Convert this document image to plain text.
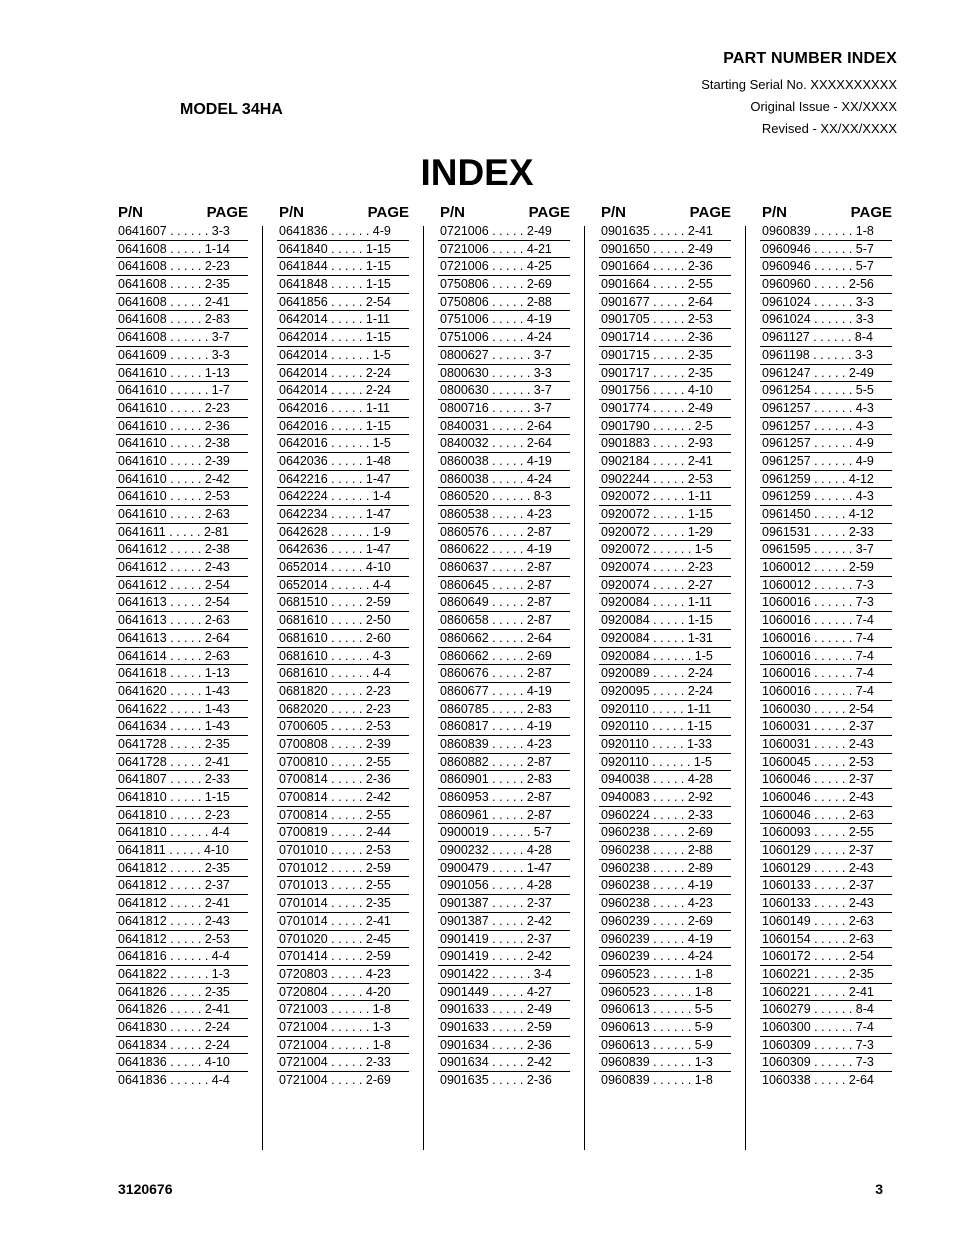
PART NUMBER INDEX
Starting Serial No. XXXXXXXXXX
Original Issue - XX/XXXX
Revised - XX/XX/XXXX
MODEL 34HA
INDEX
P/N	PAGE
0641607 . . . . . . 3-3
0641608 . . . . . 1-14
0641608 . . . . . 2-23
0641608 . . . . . 2-35
0641608 . . . . . 2-41
0641608 . . . . . 2-83
0641608 . . . . . . 3-7
0641609 . . . . . . 3-3
0641610 . . . . . 1-13
0641610 . . . . . . 1-7
0641610 . . . . . 2-23
0641610 . . . . . 2-36
0641610 . . . . . 2-38
0641610 . . . . . 2-39
0641610 . . . . . 2-42
0641610 . . . . . 2-53
0641610 . . . . . 2-63
0641611 . . . . . 2-81
0641612 . . . . . 2-38
0641612 . . . . . 2-43
0641612 . . . . . 2-54
0641613 . . . . . 2-54
0641613 . . . . . 2-63
0641613 . . . . . 2-64
0641614 . . . . . 2-63
0641618 . . . . . 1-13
0641620 . . . . . 1-43
0641622 . . . . . 1-43
0641634 . . . . . 1-43
0641728 . . . . . 2-35
0641728 . . . . . 2-41
0641807 . . . . . 2-33
0641810 . . . . . 1-15
0641810 . . . . . 2-23
0641810 . . . . . . 4-4
0641811 . . . . . 4-10
0641812 . . . . . 2-35
0641812 . . . . . 2-37
0641812 . . . . . 2-41
0641812 . . . . . 2-43
0641812 . . . . . 2-53
0641816 . . . . . . 4-4
0641822 . . . . . . 1-3
0641826 . . . . . 2-35
0641826 . . . . . 2-41
0641830 . . . . . 2-24
0641834 . . . . . 2-24
0641836 . . . . . 4-10
0641836 . . . . . . 4-4
P/N	PAGE
0641836 . . . . . . 4-9
0641840 . . . . . 1-15
0641844 . . . . . 1-15
0641848 . . . . . 1-15
0641856 . . . . . 2-54
0642014 . . . . . 1-11
0642014 . . . . . 1-15
0642014 . . . . . . 1-5
0642014 . . . . . 2-24
0642014 . . . . . 2-24
0642016 . . . . . 1-11
0642016 . . . . . 1-15
0642016 . . . . . . 1-5
0642036 . . . . . 1-48
0642216 . . . . . 1-47
0642224 . . . . . . 1-4
0642234 . . . . . 1-47
0642628 . . . . . . 1-9
0642636 . . . . . 1-47
0652014 . . . . . 4-10
0652014 . . . . . . 4-4
0681510 . . . . . 2-59
0681610 . . . . . 2-50
0681610 . . . . . 2-60
0681610 . . . . . . 4-3
0681610 . . . . . . 4-4
0681820 . . . . . 2-23
0682020 . . . . . 2-23
0700605 . . . . . 2-53
0700808 . . . . . 2-39
0700810 . . . . . 2-55
0700814 . . . . . 2-36
0700814 . . . . . 2-42
0700814 . . . . . 2-55
0700819 . . . . . 2-44
0701010 . . . . . 2-53
0701012 . . . . . 2-59
0701013 . . . . . 2-55
0701014 . . . . . 2-35
0701014 . . . . . 2-41
0701020 . . . . . 2-45
0701414 . . . . . 2-59
0720803 . . . . . 4-23
0720804 . . . . . 4-20
0721003 . . . . . . 1-8
0721004 . . . . . . 1-3
0721004 . . . . . . 1-8
0721004 . . . . . 2-33
0721004 . . . . . 2-69
P/N	PAGE
0721006 . . . . . 2-49
0721006 . . . . . 4-21
0721006 . . . . . 4-25
0750806 . . . . . 2-69
0750806 . . . . . 2-88
0751006 . . . . . 4-19
0751006 . . . . . 4-24
0800627 . . . . . . 3-7
0800630 . . . . . . 3-3
0800630 . . . . . . 3-7
0800716 . . . . . . 3-7
0840031 . . . . . 2-64
0840032 . . . . . 2-64
0860038 . . . . . 4-19
0860038 . . . . . 4-24
0860520 . . . . . . 8-3
0860538 . . . . . 4-23
0860576 . . . . . 2-87
0860622 . . . . . 4-19
0860637 . . . . . 2-87
0860645 . . . . . 2-87
0860649 . . . . . 2-87
0860658 . . . . . 2-87
0860662 . . . . . 2-64
0860662 . . . . . 2-69
0860676 . . . . . 2-87
0860677 . . . . . 4-19
0860785 . . . . . 2-83
0860817 . . . . . 4-19
0860839 . . . . . 4-23
0860882 . . . . . 2-87
0860901 . . . . . 2-83
0860953 . . . . . 2-87
0860961 . . . . . 2-87
0900019 . . . . . . 5-7
0900232 . . . . . 4-28
0900479 . . . . . 1-47
0901056 . . . . . 4-28
0901387 . . . . . 2-37
0901387 . . . . . 2-42
0901419 . . . . . 2-37
0901419 . . . . . 2-42
0901422 . . . . . . 3-4
0901449 . . . . . 4-27
0901633 . . . . . 2-49
0901633 . . . . . 2-59
0901634 . . . . . 2-36
0901634 . . . . . 2-42
0901635 . . . . . 2-36
P/N	PAGE
0901635 . . . . . 2-41
0901650 . . . . . 2-49
0901664 . . . . . 2-36
0901664 . . . . . 2-55
0901677 . . . . . 2-64
0901705 . . . . . 2-53
0901714 . . . . . 2-36
0901715 . . . . . 2-35
0901717 . . . . . 2-35
0901756 . . . . . 4-10
0901774 . . . . . 2-49
0901790 . . . . . . 2-5
0901883 . . . . . 2-93
0902184 . . . . . 2-41
0902244 . . . . . 2-53
0920072 . . . . . 1-11
0920072 . . . . . 1-15
0920072 . . . . . 1-29
0920072 . . . . . . 1-5
0920074 . . . . . 2-23
0920074 . . . . . 2-27
0920084 . . . . . 1-11
0920084 . . . . . 1-15
0920084 . . . . . 1-31
0920084 . . . . . . 1-5
0920089 . . . . . 2-24
0920095 . . . . . 2-24
0920110 . . . . . 1-11
0920110 . . . . . 1-15
0920110 . . . . . 1-33
0920110 . . . . . . 1-5
0940038 . . . . . 4-28
0940083 . . . . . 2-92
0960224 . . . . . 2-33
0960238 . . . . . 2-69
0960238 . . . . . 2-88
0960238 . . . . . 2-89
0960238 . . . . . 4-19
0960238 . . . . . 4-23
0960239 . . . . . 2-69
0960239 . . . . . 4-19
0960239 . . . . . 4-24
0960523 . . . . . . 1-8
0960523 . . . . . . 1-8
0960613 . . . . . . 5-5
0960613 . . . . . . 5-9
0960613 . . . . . . 5-9
0960839 . . . . . . 1-3
0960839 . . . . . . 1-8
P/N	PAGE
0960839 . . . . . . 1-8
0960946 . . . . . . 5-7
0960946 . . . . . . 5-7
0960960 . . . . . 2-56
0961024 . . . . . . 3-3
0961024 . . . . . . 3-3
0961127 . . . . . . 8-4
0961198 . . . . . . 3-3
0961247 . . . . . 2-49
0961254 . . . . . . 5-5
0961257 . . . . . . 4-3
0961257 . . . . . . 4-3
0961257 . . . . . . 4-9
0961257 . . . . . . 4-9
0961259 . . . . . 4-12
0961259 . . . . . . 4-3
0961450 . . . . . 4-12
0961531 . . . . . 2-33
0961595 . . . . . . 3-7
1060012 . . . . . 2-59
1060012 . . . . . . 7-3
1060016 . . . . . . 7-3
1060016 . . . . . . 7-4
1060016 . . . . . . 7-4
1060016 . . . . . . 7-4
1060016 . . . . . . 7-4
1060016 . . . . . . 7-4
1060030 . . . . . 2-54
1060031 . . . . . 2-37
1060031 . . . . . 2-43
1060045 . . . . . 2-53
1060046 . . . . . 2-37
1060046 . . . . . 2-43
1060046 . . . . . 2-63
1060093 . . . . . 2-55
1060129 . . . . . 2-37
1060129 . . . . . 2-43
1060133 . . . . . 2-37
1060133 . . . . . 2-43
1060149 . . . . . 2-63
1060154 . . . . . 2-63
1060172 . . . . . 2-54
1060221 . . . . . 2-35
1060221 . . . . . 2-41
1060279 . . . . . . 8-4
1060300 . . . . . . 7-4
1060309 . . . . . . 7-3
1060309 . . . . . . 7-3
1060338 . . . . . 2-64
3120676	3
